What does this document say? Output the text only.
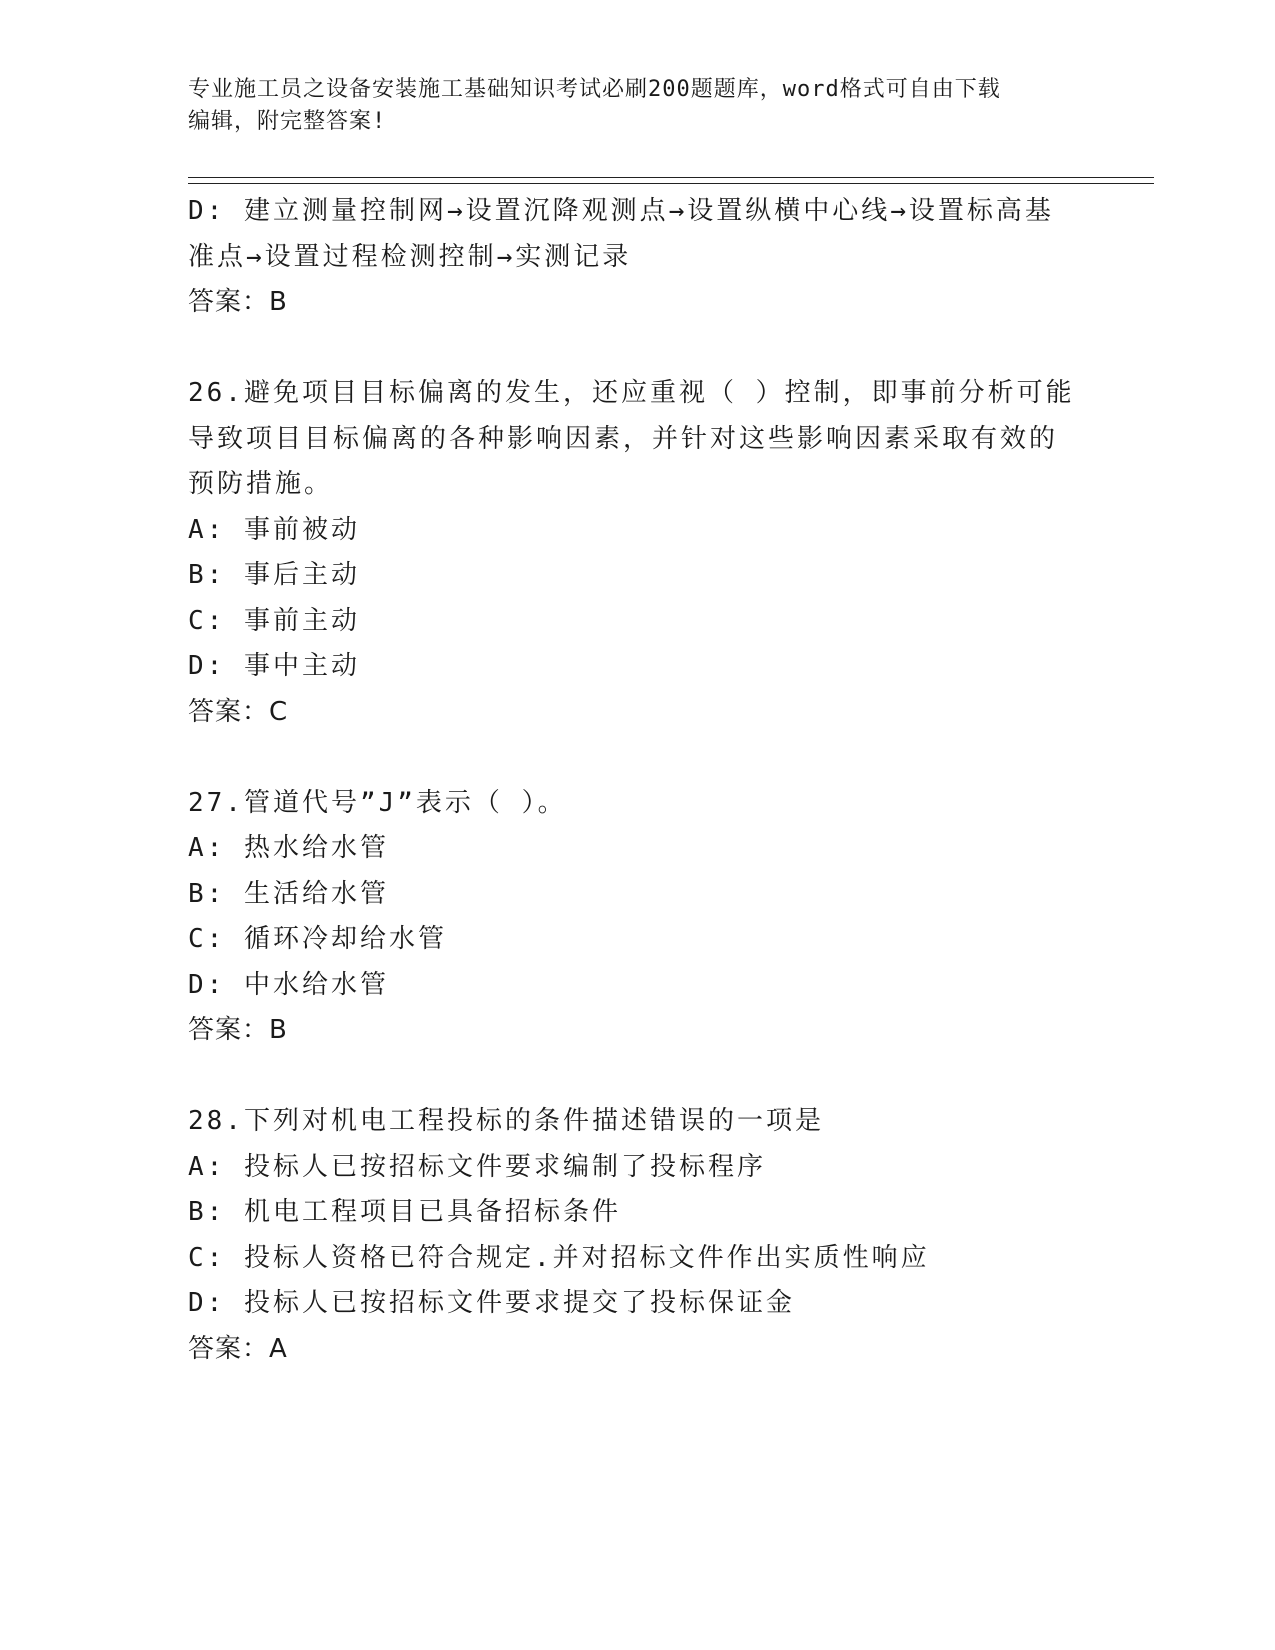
专业施工员之设备安装施工基础知识考试必刷200题题库，word格式可自由下载
编辑，附完整答案!
D: 建立测量控制网→设置沉降观测点→设置纵横中心线→设置标高基
准点→设置过程检测控制→实测记录
答案：B
26.避免项目目标偏离的发生，还应重视（ ）控制，即事前分析可能
导致项目目标偏离的各种影响因素，并针对这些影响因素采取有效的
预防措施。
A: 事前被动
B: 事后主动
C: 事前主动
D: 事中主动
答案：C
27.管道代号”J”表示（ ）。
A: 热水给水管
B: 生活给水管
C: 循环冷却给水管
D: 中水给水管
答案：B
28.下列对机电工程投标的条件描述错误的一项是
A: 投标人已按招标文件要求编制了投标程序
B: 机电工程项目已具备招标条件
C: 投标人资格已符合规定.并对招标文件作出实质性响应
D: 投标人已按招标文件要求提交了投标保证金
答案：A
